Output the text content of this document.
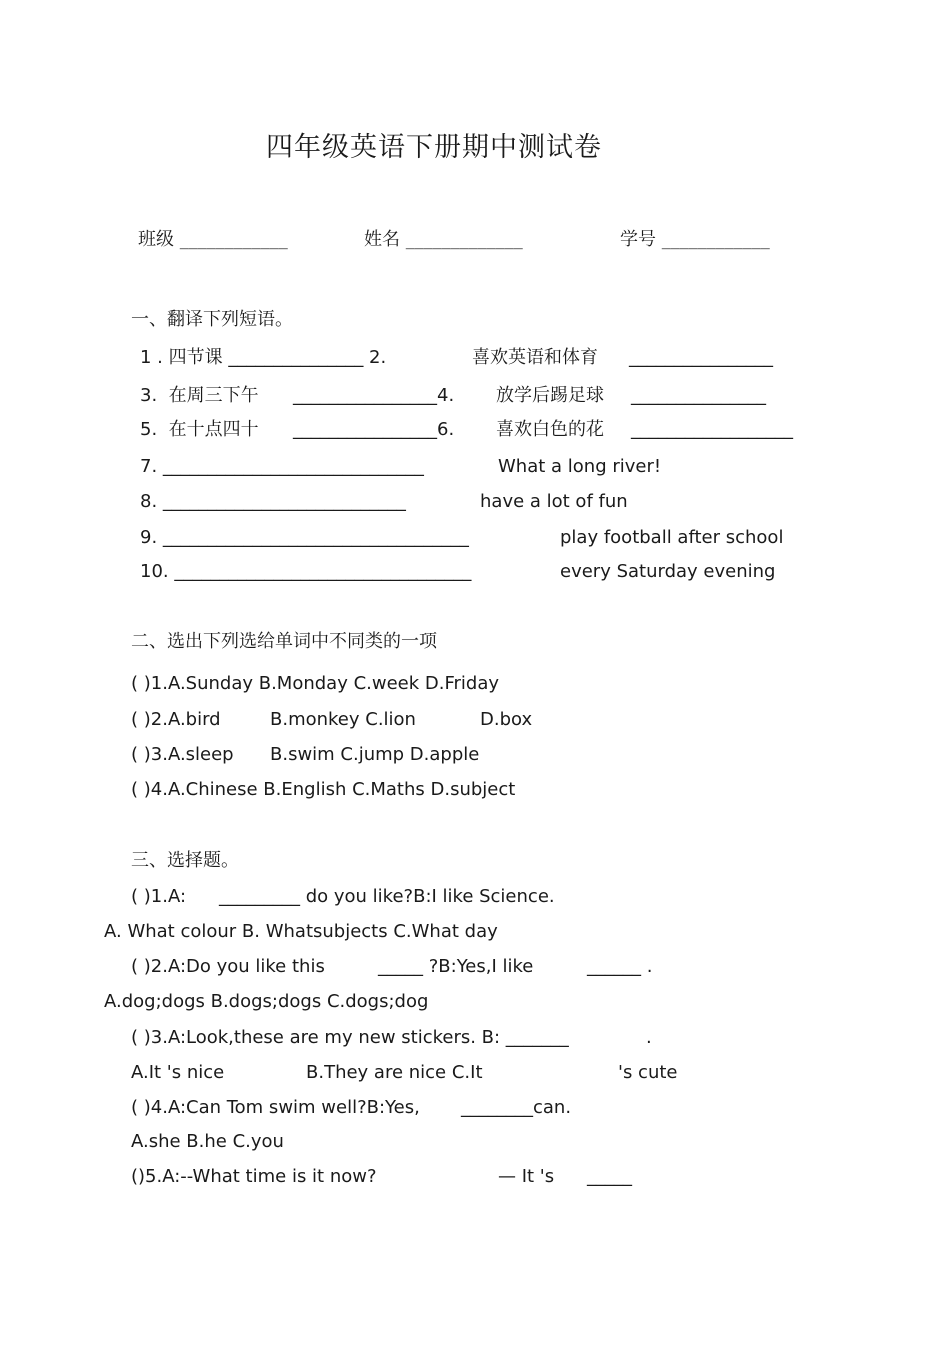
四年级英语下册期中测试卷
班级 ____________	姓名 _____________	学号 ____________
一、翻译下列短语。
1 . 四节课 _______________ 2.	喜欢英语和体育 ________________
3.  在周三下午 ________________4. 放学后踢足球 _______________
5.  在十点四十 ________________6. 喜欢白色的花 __________________
7. _____________________________	What a long river!
8. ___________________________	have a lot of fun
9. __________________________________	play football after school
10. _________________________________	every Saturday evening
二、选出下列选给单词中不同类的一项
( )1.A.Sunday B.Monday C.week D.Friday
( )2.A.bird	B.monkey C.lion	D.box
( )3.A.sleep B.swim C.jump D.apple
( )4.A.Chinese B.English C.Maths D.subject
三、选择题。
( )1.A: _________ do you like?B:I like Science.
A. What colour B. Whatsubjects C.What day
( )2.A:Do you like this	_____ ?B:Yes,I like	______ .
A.dog;dogs B.dogs;dogs C.dogs;dog
( )3.A:Look,these are my new stickers. B: _______	.
A.It 's nice	B.They are nice C.It	's cute
( )4.A:Can Tom swim well?B:Yes, ________can.
A.she B.he C.you
()5.A:--What time is it now?	— It 's _____
